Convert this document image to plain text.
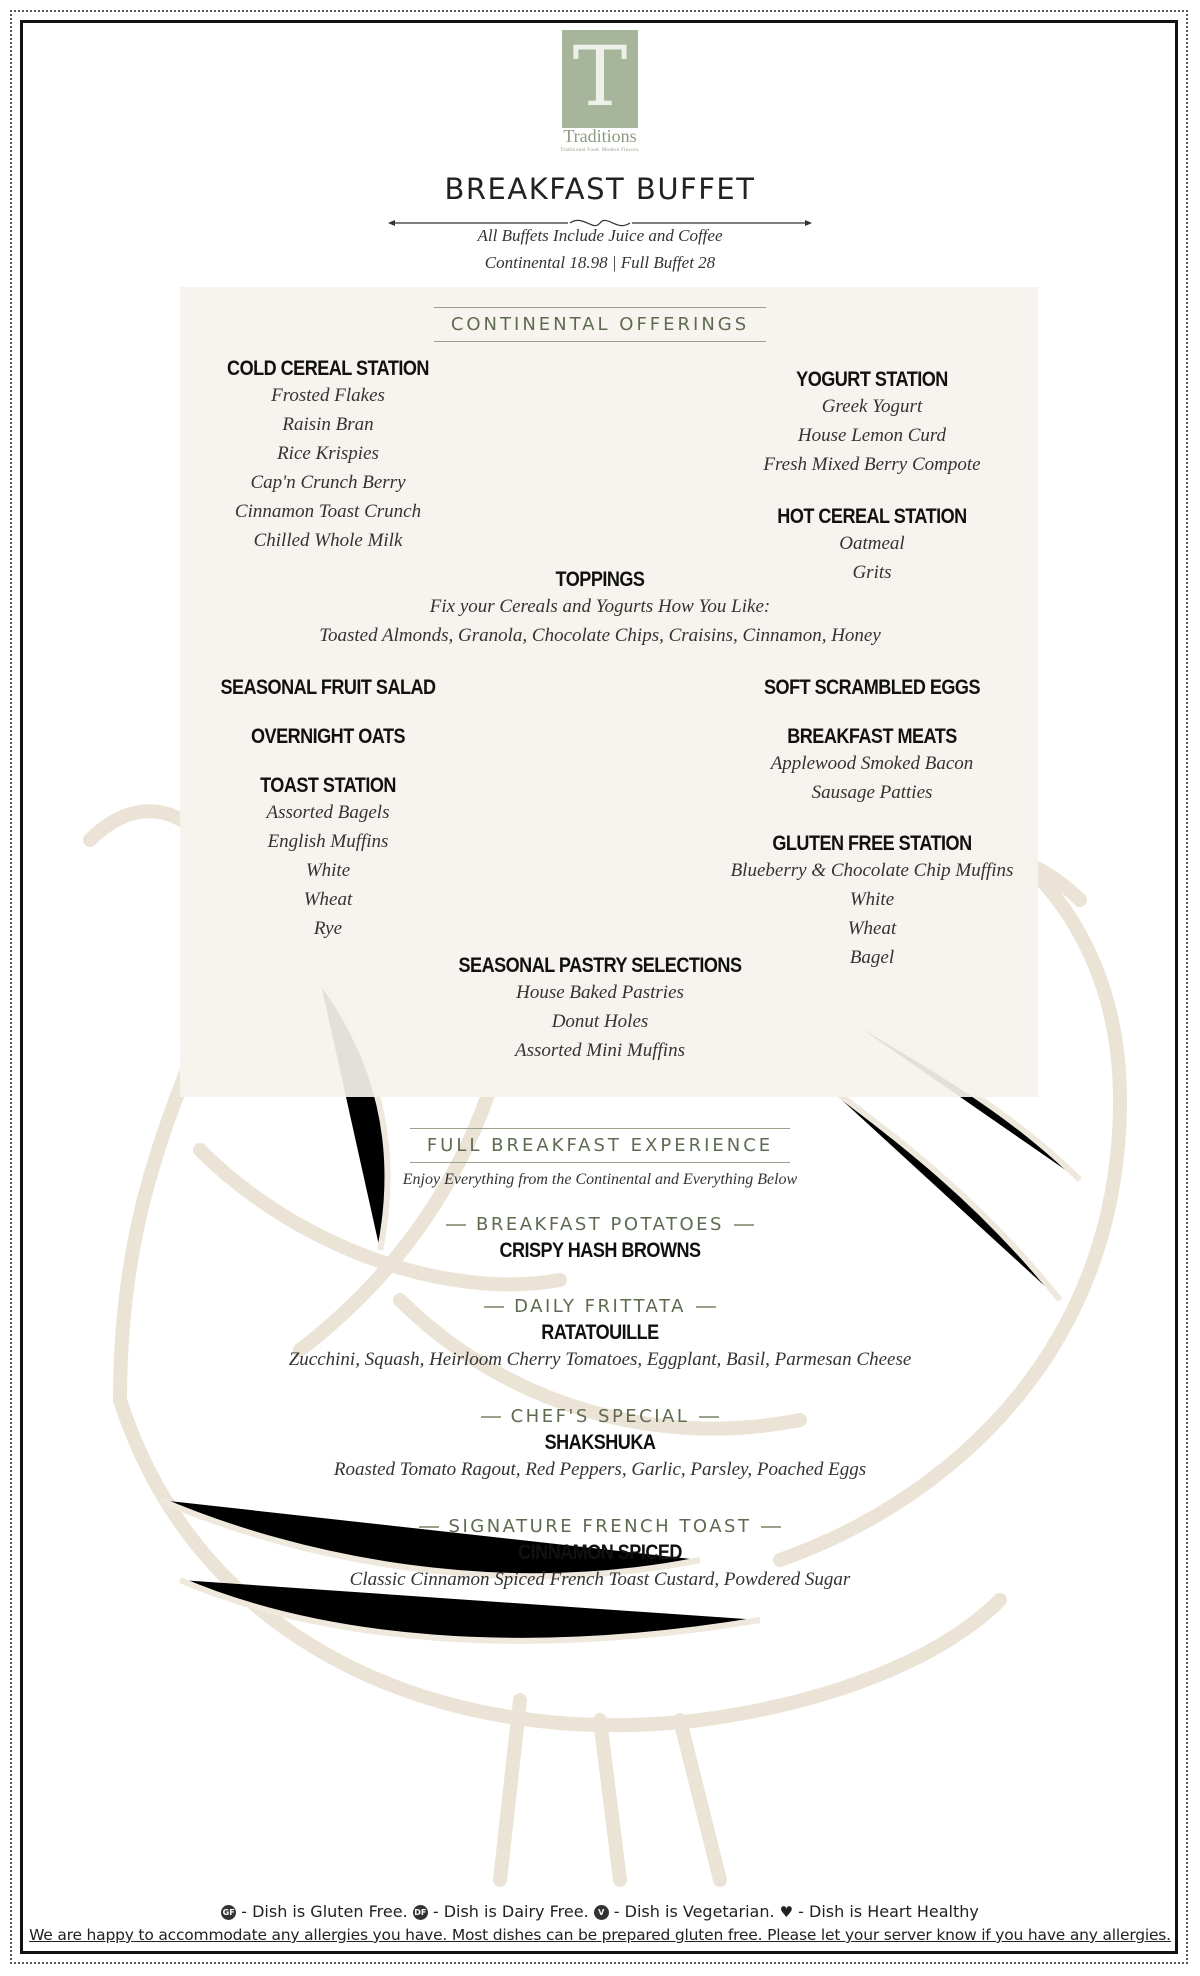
T
Traditions
Traditional Food. Modern Flavors.
BREAKFAST BUFFET
All Buffets Include Juice and Coffee
Continental 18.98 | Full Buffet 28
CONTINENTAL OFFERINGS
COLD CEREAL STATION
Frosted Flakes
Raisin Bran
Rice Krispies
Cap'n Crunch Berry
Cinnamon Toast Crunch
Chilled Whole Milk
YOGURT STATION
Greek Yogurt
House Lemon Curd
Fresh Mixed Berry Compote
HOT CEREAL STATION
Oatmeal
Grits
TOPPINGS
Fix your Cereals and Yogurts How You Like:
Toasted Almonds, Granola, Chocolate Chips, Craisins, Cinnamon, Honey
SEASONAL FRUIT SALAD	SOFT SCRAMBLED EGGS
OVERNIGHT OATS	BREAKFAST MEATS
Applewood Smoked Bacon
Sausage Patties
TOAST STATION
Assorted Bagels
English Muffins
White
Wheat
Rye
GLUTEN FREE STATION
Blueberry & Chocolate Chip Muffins
White
Wheat
Bagel
SEASONAL PASTRY SELECTIONS
House Baked Pastries
Donut Holes
Assorted Mini Muffins
FULL BREAKFAST EXPERIENCE
Enjoy Everything from the Continental and Everything Below
BREAKFAST POTATOES
CRISPY HASH BROWNS
DAILY FRITTATA
RATATOUILLE
Zucchini, Squash, Heirloom Cherry Tomatoes, Eggplant, Basil, Parmesan Cheese
CHEF'S SPECIAL
SHAKSHUKA
Roasted Tomato Ragout, Red Peppers, Garlic, Parsley, Poached Eggs
SIGNATURE FRENCH TOAST
CINNAMON SPICED
Classic Cinnamon Spiced French Toast Custard, Powdered Sugar
GF - Dish is Gluten Free. DF - Dish is Dairy Free. V - Dish is Vegetarian. ♥ - Dish is Heart Healthy
We are happy to accommodate any allergies you have. Most dishes can be prepared gluten free. Please let your server know if you have any allergies.
